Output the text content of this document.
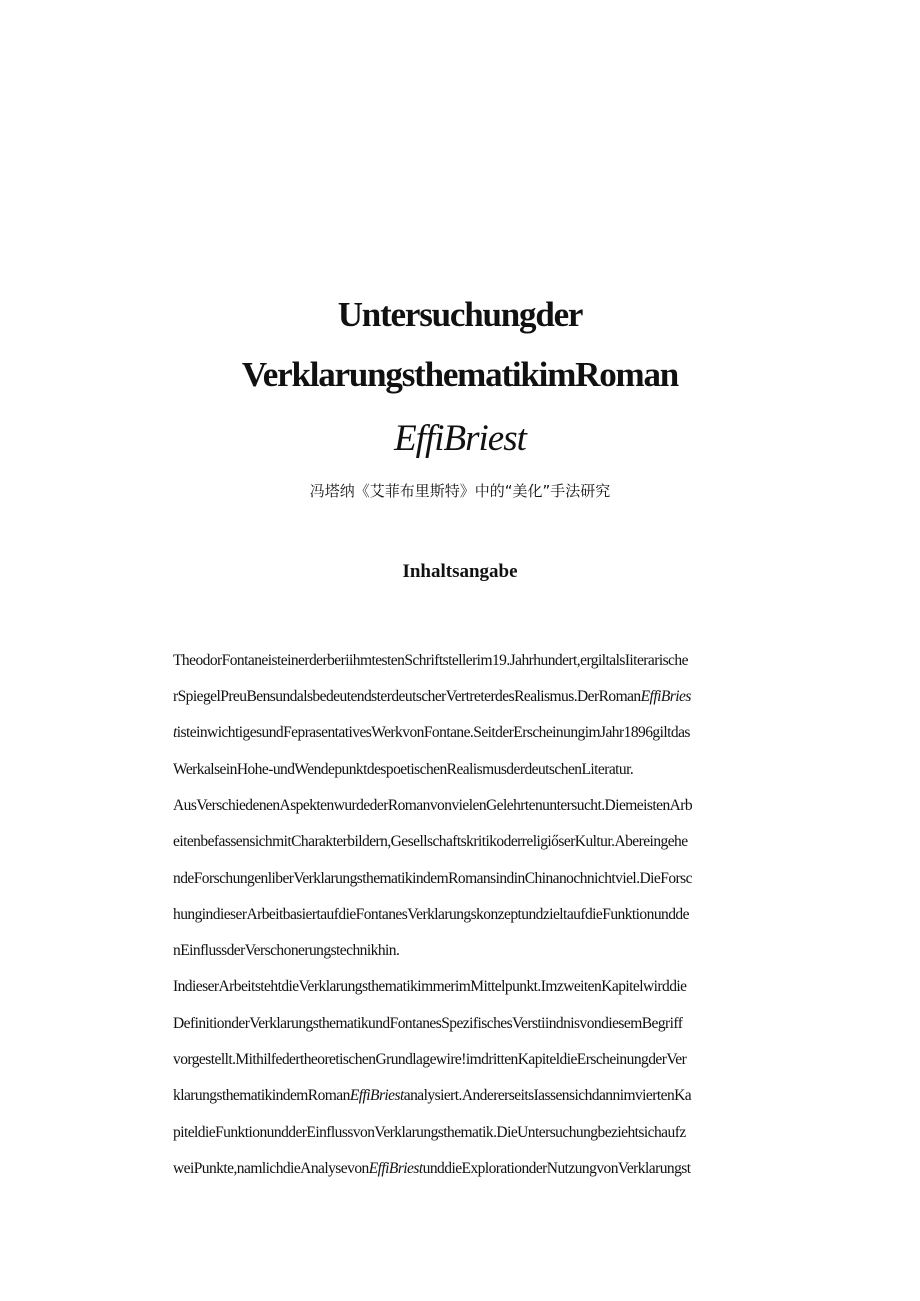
Untersuchungder
VerklarungsthematikimRoman
EffiBriest
冯塔纳《艾菲布里斯特》中的“美化”手法研究
Inhaltsangabe
TheodorFontaneisteinerderberiihmtestenSchriftstellerim19.Jahrhundert,ergiltalsIiterarische
rSpiegelPreuBensundalsbedeutendsterdeutscherVertreterdesRealismus.DerRomanEffiBries
tisteinwichtigesundFeprasentativesWerkvonFontane.SeitderErscheinungimJahr1896giltdas
WerkalseinHohe-undWendepunktdespoetischenRealismusderdeutschenLiteratur.
AusVerschiedenenAspektenwurdederRomanvonvielenGelehrtenuntersucht.DiemeistenArb
eitenbefassensichmitCharakterbildern,GesellschaftskritikoderreligiőserKultur.Abereingehe
ndeForschungenliberVerklarungsthematikindemRomansindinChinanochnichtviel.DieForsc
hungindieserArbeitbasiertaufdieFontanesVerklarungskonzeptundzieltaufdieFunktionundde
nEinflussderVerschonerungstechnikhin.
IndieserArbeitstehtdieVerklarungsthematikimmerimMittelpunkt.ImzweitenKapitelwirddie
DefinitionderVerklarungsthematikundFontanesSpezifischesVerstiindnisvondiesemBegriff
vorgestellt.MithilfedertheoretischenGrundlagewire!imdrittenKapiteldieErscheinungderVer
klarungsthematikindemRomanEffiBriestanalysiert.AndererseitsIassensichdannimviertenKa
piteldieFunktionundderEinflussvonVerklarungsthematik.DieUntersuchungbeziehtsichaufz
weiPunkte,namlichdieAnalysevonEffiBriestunddieExplorationderNutzungvonVerklarungst
